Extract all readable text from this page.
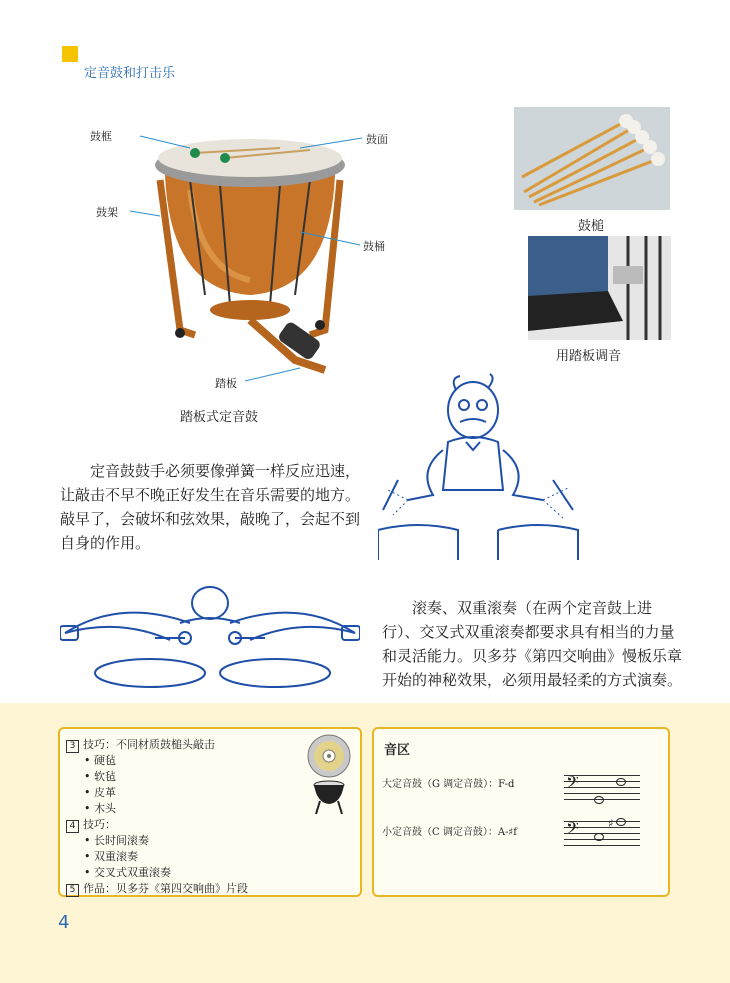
定音鼓和打击乐
鼓框	鼓面
鼓架
鼓桶
踏板
踏板式定音鼓
鼓槌
用踏板调音
定音鼓鼓手必须要像弹簧一样反应迅速，
让敲击不早不晚正好发生在音乐需要的地方。
敲早了，会破坏和弦效果，敲晚了，会起不到
自身的作用。
滚奏、双重滚奏（在两个定音鼓上进
行）、交叉式双重滚奏都要求具有相当的力量
和灵活能力。贝多芬《第四交响曲》慢板乐章
开始的神秘效果，必须用最轻柔的方式演奏。
3 技巧：不同材质鼓槌头敲击
• 硬毡
• 软毡
• 皮革
• 木头
4 技巧：
• 长时间滚奏
• 双重滚奏
• 交叉式双重滚奏
5 作品：贝多芬《第四交响曲》片段
音区
大定音鼓（G 调定音鼓）：F-d	𝄢
小定音鼓（C 调定音鼓）：A-♯f 𝄢	♯
4
